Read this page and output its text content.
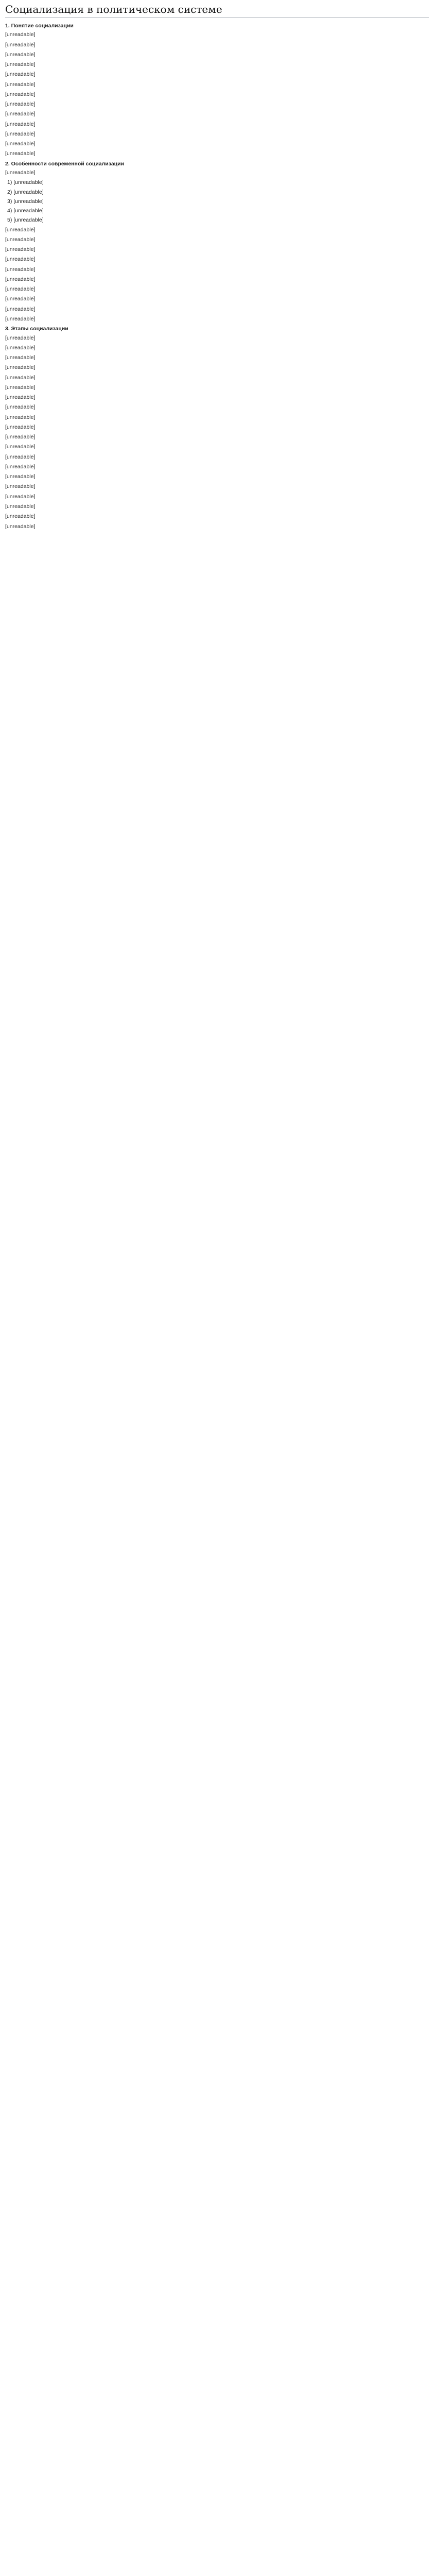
Социализация в политическом системе

1. Понятие социализации

[unreadable]

[unreadable]

[unreadable]

[unreadable]

[unreadable]

[unreadable]

[unreadable]

[unreadable]

[unreadable]

[unreadable]

[unreadable]

[unreadable]

[unreadable]

2. Особенности современной социализации

[unreadable]

1) [unreadable]

2) [unreadable]

3) [unreadable]

4) [unreadable]

5) [unreadable]

[unreadable]

[unreadable]

[unreadable]

[unreadable]

[unreadable]

[unreadable]

[unreadable]

[unreadable]

[unreadable]

[unreadable]

3. Этапы социализации

[unreadable]

[unreadable]

[unreadable]

[unreadable]

[unreadable]

[unreadable]

[unreadable]

[unreadable]

[unreadable]

[unreadable]

[unreadable]

[unreadable]

[unreadable]

[unreadable]

[unreadable]

[unreadable]

[unreadable]

[unreadable]

[unreadable]

[unreadable]
